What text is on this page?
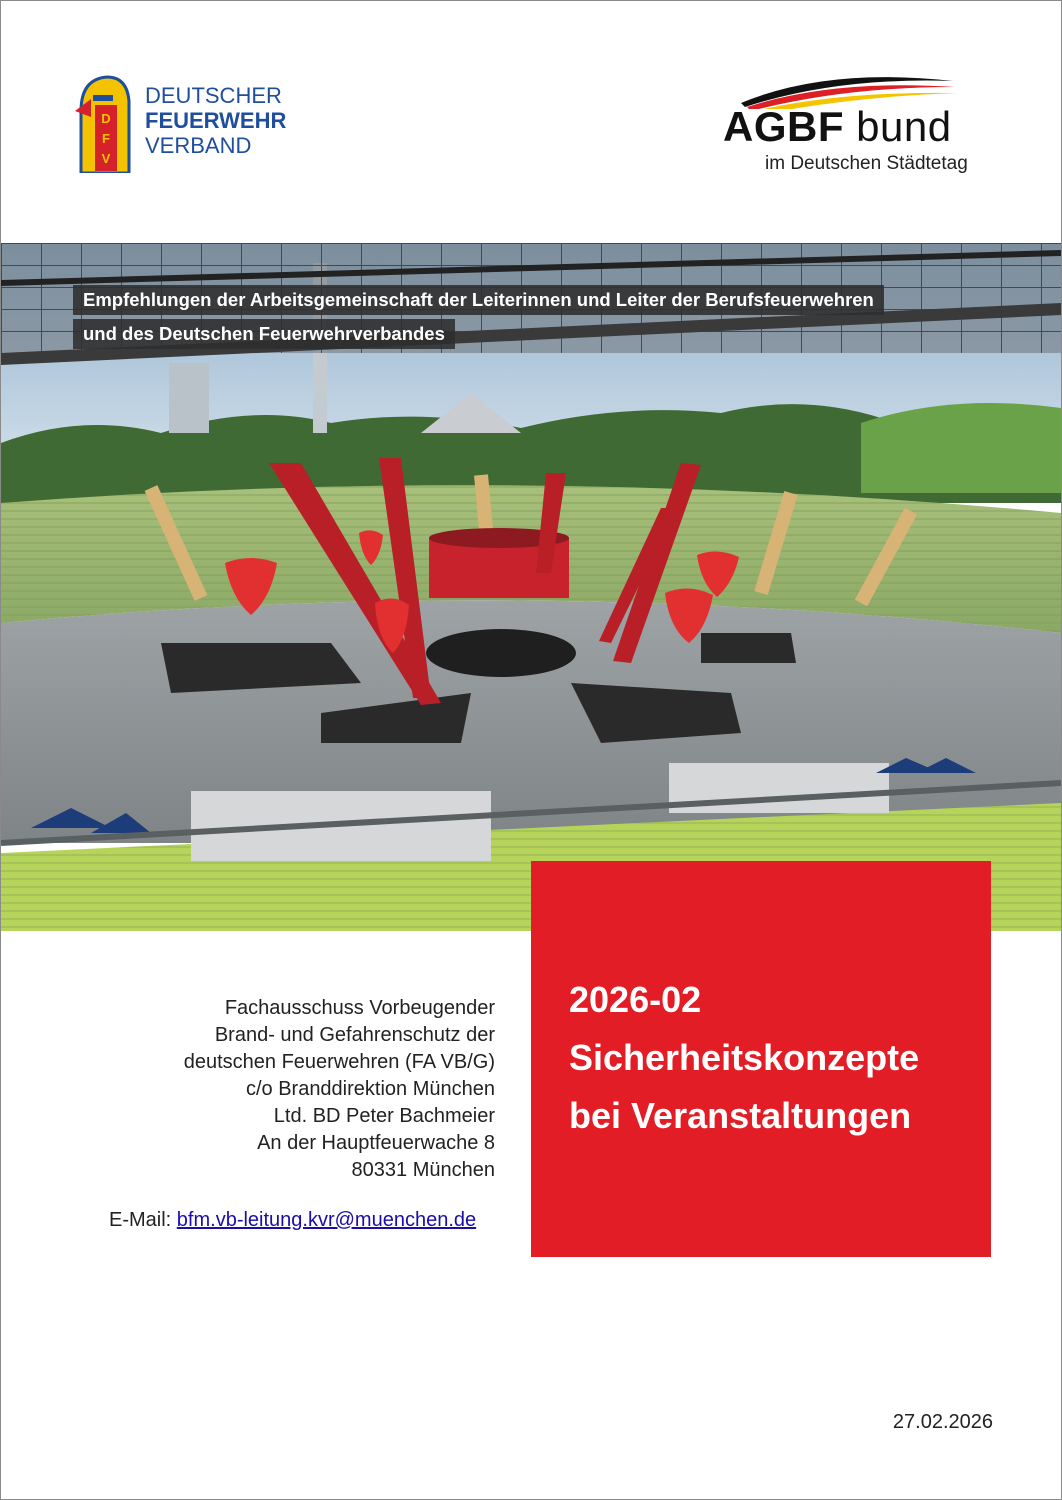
D
F
V
DEUTSCHER
FEUERWEHR
VERBAND	AGBF bund
im Deutschen Städtetag
Empfehlungen der Arbeitsgemeinschaft der Leiterinnen und Leiter der Berufsfeuerwehren
und des Deutschen Feuerwehrverbandes
2026-02
Sicherheitskonzepte
bei Veranstaltungen
Fachausschuss Vorbeugender
Brand- und Gefahrenschutz der
deutschen Feuerwehren (FA VB/G)
c/o Branddirektion München
Ltd. BD Peter Bachmeier
An der Hauptfeuerwache 8
80331 München
E-Mail: bfm.vb-leitung.kvr@muenchen.de
27.02.2026
